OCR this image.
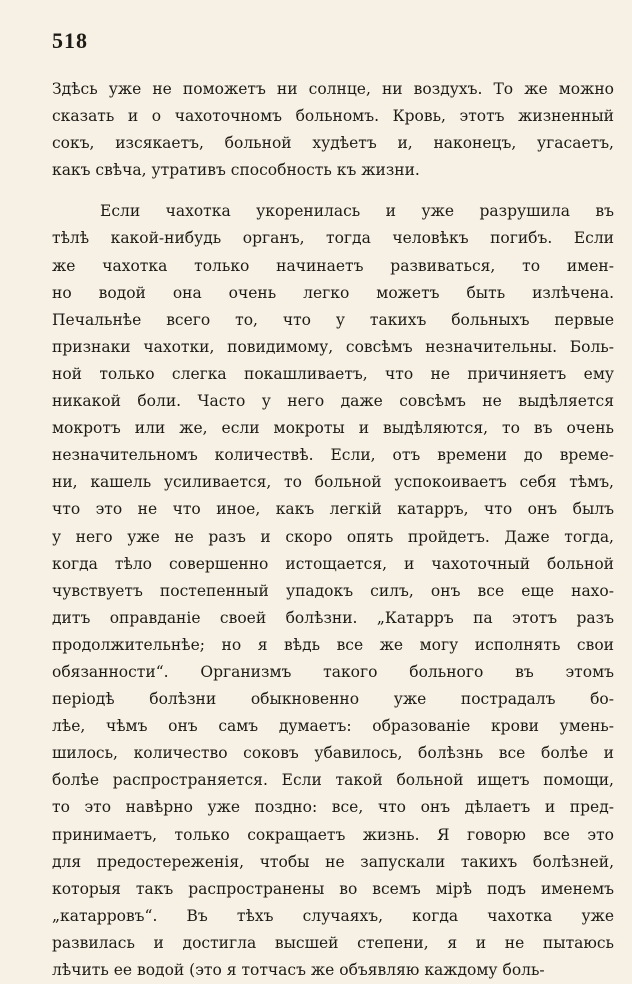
518

Здѣсь уже не поможетъ ни солнце, ни воздухъ. То же можно
сказать и о чахоточномъ больномъ. Кровь, этотъ жизненный
сокъ, изсякаетъ, больной худѣетъ и, наконецъ, угасаетъ,
какъ свѣча, утративъ способность къ жизни.

Если чахотка укоренилась и уже разрушила въ
тѣлѣ какой-нибудь органъ, тогда человѣкъ погибъ. Если
же чахотка только начинаетъ развиваться, то имен-
но водой она очень легко можетъ быть излѣчена.
Печальнѣе всего то, что у такихъ больныхъ первые
признаки чахотки, повидимому, совсѣмъ незначительны. Боль-
ной только слегка покашливаетъ, что не причиняетъ ему
никакой боли. Часто у него даже совсѣмъ не выдѣляется
мокротъ или же, если мокроты и выдѣляются, то въ очень
незначительномъ количествѣ. Если, отъ времени до време-
ни, кашель усиливается, то больной успокоиваетъ себя тѣмъ,
что это не что иное, какъ легкій катарръ, что онъ былъ
у него уже не разъ и скоро опять пройдетъ. Даже тогда,
когда тѣло совершенно истощается, и чахоточный больной
чувствуетъ постепенный упадокъ силъ, онъ все еще нахо-
дитъ оправданіе своей болѣзни. „Катарръ па этотъ разъ
продолжительнѣе; но я вѣдь все же могу исполнять свои
обязанности“. Организмъ такого больного въ этомъ
періодѣ болѣзни обыкновенно уже пострадалъ бо-
лѣе, чѣмъ онъ самъ думаетъ: образованіе крови умень-
шилось, количество соковъ убавилось, болѣзнь все болѣе и
болѣе распространяется. Если такой больной ищетъ помощи,
то это навѣрно уже поздно: все, что онъ дѣлаетъ и пред-
принимаетъ, только сокращаетъ жизнь. Я говорю все это
для предостереженія, чтобы не запускали такихъ болѣзней,
которыя такъ распространены во всемъ мірѣ подъ именемъ
„катарровъ“. Въ тѣхъ случаяхъ, когда чахотка уже
развилась и достигла высшей степени, я и не пытаюсь
лѣчить ее водой (это я тотчасъ же объявляю каждому боль-
